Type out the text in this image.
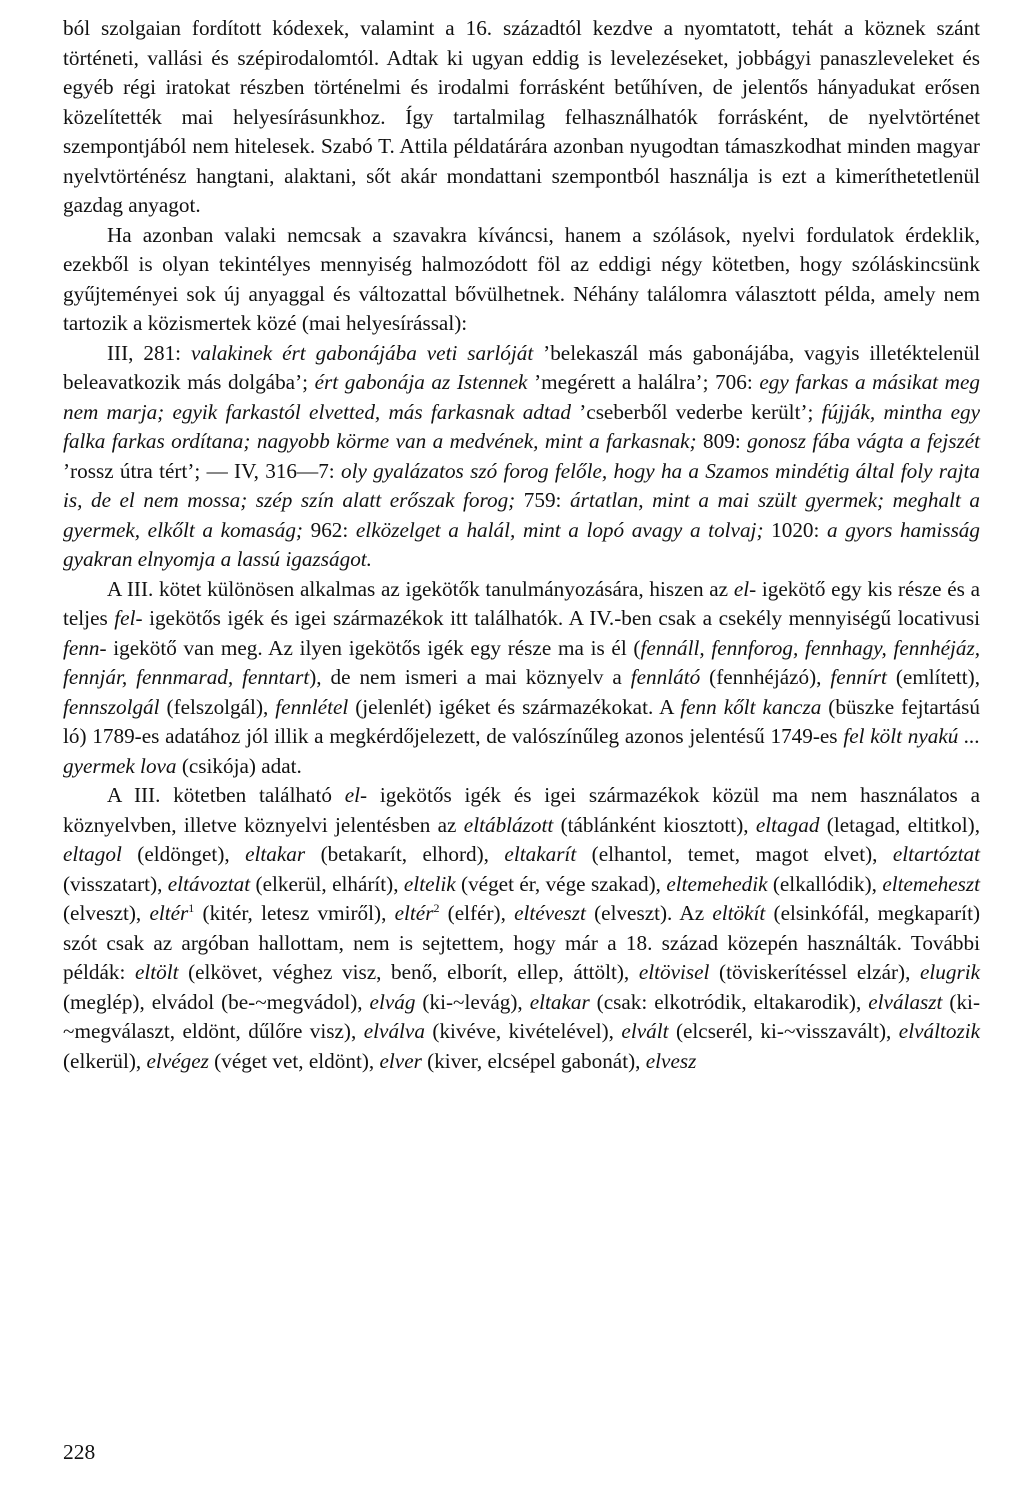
ból szolgaian fordított kódexek, valamint a 16. századtól kezdve a nyomtatott, tehát a köznek szánt történeti, vallási és szépirodalomtól. Adtak ki ugyan eddig is levelezéseket, jobbágyi panaszleveleket és egyéb régi iratokat részben történelmi és irodalmi forrásként betűhíven, de jelentős hányadukat erősen közelítették mai helyesírásunkhoz. Így tartalmilag felhasználhatók forrásként, de nyelvtörténet szempontjából nem hitelesek. Szabó T. Attila példatárára azonban nyugodtan támaszkodhat minden magyar nyelvtörténész hangtani, alaktani, sőt akár mondattani szempontból használja is ezt a kimeríthetetlenül gazdag anyagot.

Ha azonban valaki nemcsak a szavakra kíváncsi, hanem a szólások, nyelvi fordulatok érdeklik, ezekből is olyan tekintélyes mennyiség halmozódott föl az eddigi négy kötetben, hogy szóláskincsünk gyűjteményei sok új anyaggal és változattal bővülhetnek. Néhány találomra választott példa, amely nem tartozik a közismertek közé (mai helyesírással):

III, 281: valakinek ért gabonájába veti sarlóját ’belekaszál más gabonájába, vagyis illetéktelenül beleavatkozik más dolgába’; ért gabonája az Istennek ’megérett a halálra’; 706: egy farkas a másikat meg nem marja; egyik farkastól elvetted, más farkasnak adtad ’cseberből vederbe került’; fújják, mintha egy falka farkas ordítana; nagyobb körme van a medvének, mint a farkasnak; 809: gonosz fába vágta a fejszét ’rossz útra tért’; — IV, 316—7: oly gyalázatos szó forog felőle, hogy ha a Szamos mindétig által foly rajta is, de el nem mossa; szép szín alatt erőszak forog; 759: ártatlan, mint a mai szült gyermek; meghalt a gyermek, elkőlt a komaság; 962: elközelget a halál, mint a lopó avagy a tolvaj; 1020: a gyors hamisság gyakran elnyomja a lassú igazságot.

A III. kötet különösen alkalmas az igekötők tanulmányozására, hiszen az el- igekötő egy kis része és a teljes fel- igekötős igék és igei származékok itt találhatók. A IV.-ben csak a csekély mennyiségű locativusi fenn- igekötő van meg. Az ilyen igekötős igék egy része ma is él (fennáll, fennforog, fennhagy, fennhéjáz, fennjár, fennmarad, fenntart), de nem ismeri a mai köznyelv a fennlátó (fennhéjázó), fennírt (említett), fennszolgál (felszolgál), fennlétel (jelenlét) igéket és származékokat. A fenn kőlt kancza (büszke fejtartású ló) 1789-es adatához jól illik a megkérdőjelezett, de valószínűleg azonos jelentésű 1749-es fel költ nyakú ... gyermek lova (csikója) adat.

A III. kötetben található el- igekötős igék és igei származékok közül ma nem használatos a köznyelvben, illetve köznyelvi jelentésben az eltáblázott (táblánként kiosztott), eltagad (letagad, eltitkol), eltagol (eldönget), eltakar (betakarít, elhord), eltakarít (elhantol, temet, magot elvet), eltartóztat (visszatart), eltávoztat (elkerül, elhárít), eltelik (véget ér, vége szakad), eltemehedik (elkallódik), eltemeheszt (elveszt), eltér$^1$ (kitér, letesz vmiről), eltér$^2$ (elfér), eltéveszt (elveszt). Az eltökít (elsinkófál, megkaparít) szót csak az argóban hallottam, nem is sejtettem, hogy már a 18. század közepén használták. További példák: eltölt (elkövet, véghez visz, benő, elborít, ellep, áttölt), eltövisel (töviskerítéssel elzár), elugrik (meglép), elvádol (be-~megvádol), elvág (ki-~levág), eltakar (csak: elkotródik, eltakarodik), elválaszt (ki-~megválaszt, eldönt, dűlőre visz), elválva (kivéve, kivételével), elvált (elcserél, ki-~visszavált), elváltozik (elkerül), elvégez (véget vet, eldönt), elver (kiver, elcsépel gabonát), elvesz

228
